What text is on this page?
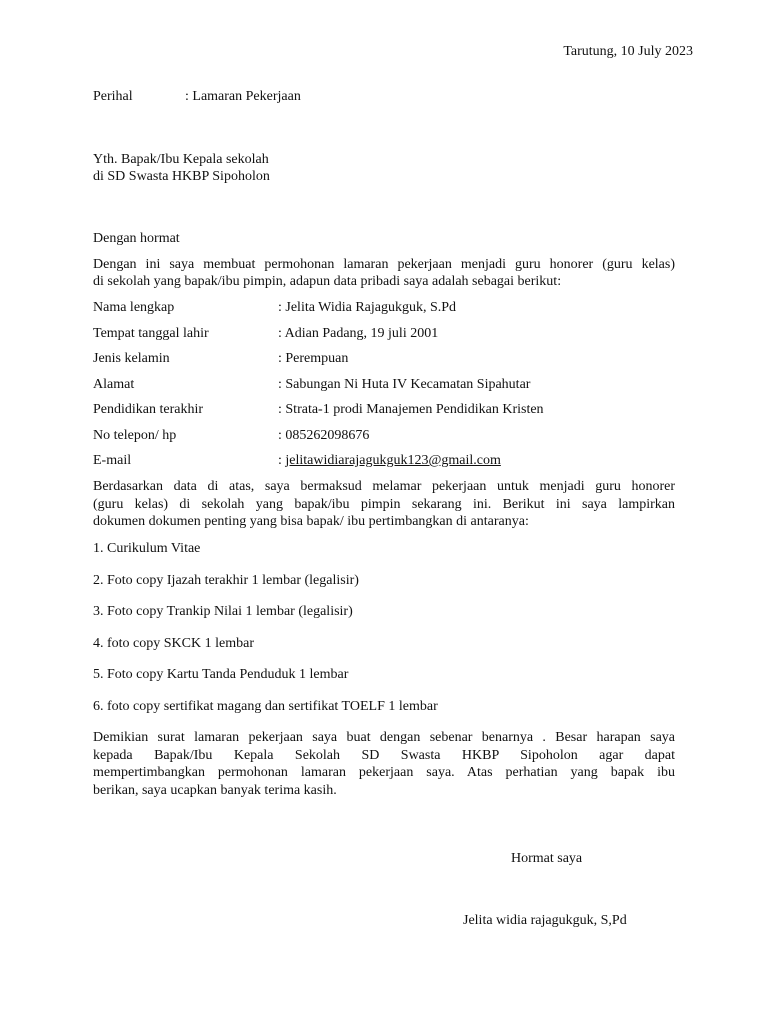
Tarutung, 10 July 2023
Perihal	: Lamaran Pekerjaan
Yth. Bapak/Ibu Kepala sekolah
di SD Swasta HKBP Sipoholon
Dengan hormat
Dengan ini saya membuat permohonan lamaran pekerjaan menjadi guru honorer (guru kelas)
di sekolah yang bapak/ibu pimpin, adapun data pribadi saya adalah sebagai berikut:
Nama lengkap	: Jelita Widia Rajagukguk, S.Pd
Tempat tanggal lahir	: Adian Padang, 19 juli 2001
Jenis kelamin	: Perempuan
Alamat	: Sabungan Ni Huta IV Kecamatan Sipahutar
Pendidikan terakhir	: Strata-1 prodi Manajemen Pendidikan Kristen
No telepon/ hp	: 085262098676
E-mail	: jelitawidiarajagukguk123@gmail.com
Berdasarkan data di atas, saya bermaksud melamar pekerjaan untuk menjadi guru honorer
(guru kelas) di sekolah yang bapak/ibu pimpin sekarang ini. Berikut ini saya lampirkan
dokumen dokumen penting yang bisa bapak/ ibu pertimbangkan di antaranya:
1. Curikulum Vitae
2. Foto copy Ijazah terakhir 1 lembar (legalisir)
3. Foto copy Trankip Nilai 1 lembar (legalisir)
4. foto copy SKCK 1 lembar
5. Foto copy Kartu Tanda Penduduk 1 lembar
6. foto copy sertifikat magang dan sertifikat TOELF 1 lembar
Demikian surat lamaran pekerjaan saya buat dengan sebenar benarnya . Besar harapan saya
kepada Bapak/Ibu Kepala Sekolah SD Swasta HKBP Sipoholon agar dapat
mempertimbangkan permohonan lamaran pekerjaan saya. Atas perhatian yang bapak ibu
berikan, saya ucapkan banyak terima kasih.
Hormat saya
Jelita widia rajagukguk, S,Pd
